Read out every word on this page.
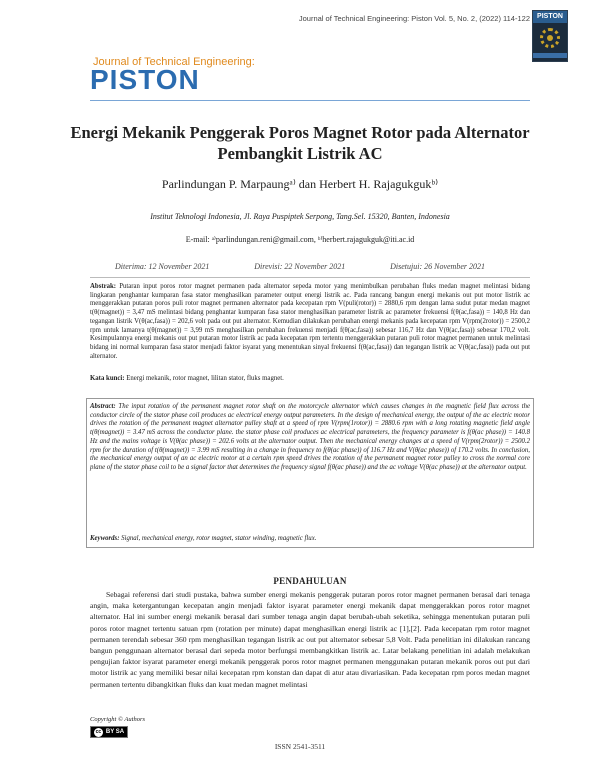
Journal of Technical Engineering: Piston Vol. 5, No. 2, (2022) 114-122	PISTON
Journal of Technical Engineering:
PISTON
Energi Mekanik Penggerak Poros Magnet Rotor pada Alternator Pembangkit Listrik AC
Parlindungan P. Marpaungᵃ⁾ dan Herbert H. Rajagukgukᵇ⁾
Institut Teknologi Indonesia, Jl. Raya Puspiptek Serpong, Tang.Sel. 15320, Banten, Indonesia
E-mail: ᵃ⁾parlindungan.reni@gmail.com, ᵇ⁾herbert.rajagukguk@iti.ac.id
Diterima: 12 November 2021	Direvisi: 22 November 2021	Disetujui: 26 November 2021
Abstrak: Putaran input poros rotor magnet permanen pada alternator sepeda motor yang menimbulkan perubahan fluks medan magnet melintasi bidang lingkaran penghantar kumparan fasa stator menghasilkan parameter output energi listrik ac. Pada rancang bangun energi mekanis out put motor listrik ac menggerakkan putaran poros puli rotor magnet permanen alternator pada kecepatan rpm V(puli(rotor)) = 2880,6 rpm dengan lama sudut putar medan magnet t(θ(magnet)) = 3,47 mS melintasi bidang penghantar kumparan fasa stator menghasilkan parameter listrik ac parameter frekuensi f(θ(ac,fasa)) = 140,8 Hz dan tegangan listrik V(θ(ac,fasa)) = 202,6 volt pada out put alternator. Kemudian dilakukan perubahan energi mekanis pada kecepatan rpm V(rpm(2rotor)) = 2500,2 rpm untuk lamanya t(θ(magnet)) = 3,99 mS menghasilkan perubahan frekuensi menjadi f(θ(ac,fasa)) sebesar 116,7 Hz dan V(θ(ac,fasa)) sebesar 170,2 volt. Kesimpulannya energi mekanis out put putaran motor listrik ac pada kecepatan rpm tertentu menggerakkan putaran puli rotor magnet permanen untuk melintasi bidang ini normal kumparan fasa stator menjadi faktor isyarat yang menentukan sinyal frekuensi f(θ(ac,fasa)) dan tegangan listrik ac V(θ(ac,fasa)) pada out put alternator.
Kata kunci: Energi mekanik, rotor magnet, lilitan stator, fluks magnet.
Abstract: The input rotation of the permanent magnet rotor shaft on the motorcycle alternator which causes changes in the magnetic field flux across the conductor circle of the stator phase coil produces ac electrical energy output parameters. In the design of mechanical energy, the output of the ac electric motor drives the rotation of the permanent magnet alternator pulley shaft at a speed of rpm V(rpm(1rotor)) = 2880.6 rpm with a long rotating magnetic field angle t(θ(magnet)) = 3.47 mS across the conductor plane. the stator phase coil produces ac electrical parameters, the frequency parameter is f(θ(ac phase)) = 140.8 Hz and the mains voltage is V(θ(ac phase)) = 202.6 volts at the alternator output. Then the mechanical energy changes at a speed of V(rpm(2rotor)) = 2500.2 rpm for the duration of t(θ(magnet)) = 3.99 mS resulting in a change in frequency to f(θ(ac phase)) of 116.7 Hz and V(θ(ac phase)) of 170.2 volts. In conclusion, the mechanical energy output of an ac electric motor at a certain rpm speed drives the rotation of the permanent magnet rotor pulley to cross the normal core plane of the stator phase coil to be a signal factor that determines the frequency signal f(θ(ac phase)) and the ac voltage V(θ(ac phase)) at the alternator output.
Keywords: Signal, mechanical energy, rotor magnet, stator winding, magnetic flux.
PENDAHULUAN
Sebagai referensi dari studi pustaka, bahwa sumber energi mekanis penggerak putaran poros rotor magnet permanen berasal dari tenaga angin, maka ketergantungan kecepatan angin menjadi faktor isyarat parameter energi mekanik dapat menggerakkan poros rotor magnet alternator. Hal ini sumber energi mekanik berasal dari sumber tenaga angin dapat berubah-ubah seketika, sehingga menentukan putaran puli poros rotor magnet tertentu satuan rpm (rotation per minute) dapat menghasilkan energi listrik ac [1],[2]. Pada kecepatan rpm rotor magnet permanen terendah sebesar 360 rpm menghasilkan tegangan listrik ac out put alternator sebesar 5,8 Volt. Pada penelitian ini dilakukan rancang bangun penggunaan alternator berasal dari sepeda motor berfungsi membangkitkan listrik ac. Latar belakang penelitian ini adalah melakukan pengujian faktor isyarat parameter energi mekanik penggerak poros rotor magnet permanen menggunakan putaran mekanik poros out put dari motor listrik ac yang memiliki besar nilai kecepatan rpm konstan dan dapat di atur atau divariasikan. Pada kecepatan rpm poros medan magnet permanen tertentu dibangkitkan fluks dan kuat medan magnet melintasi
Copyright © Authors
cc BY SA
ISSN 2541-3511
